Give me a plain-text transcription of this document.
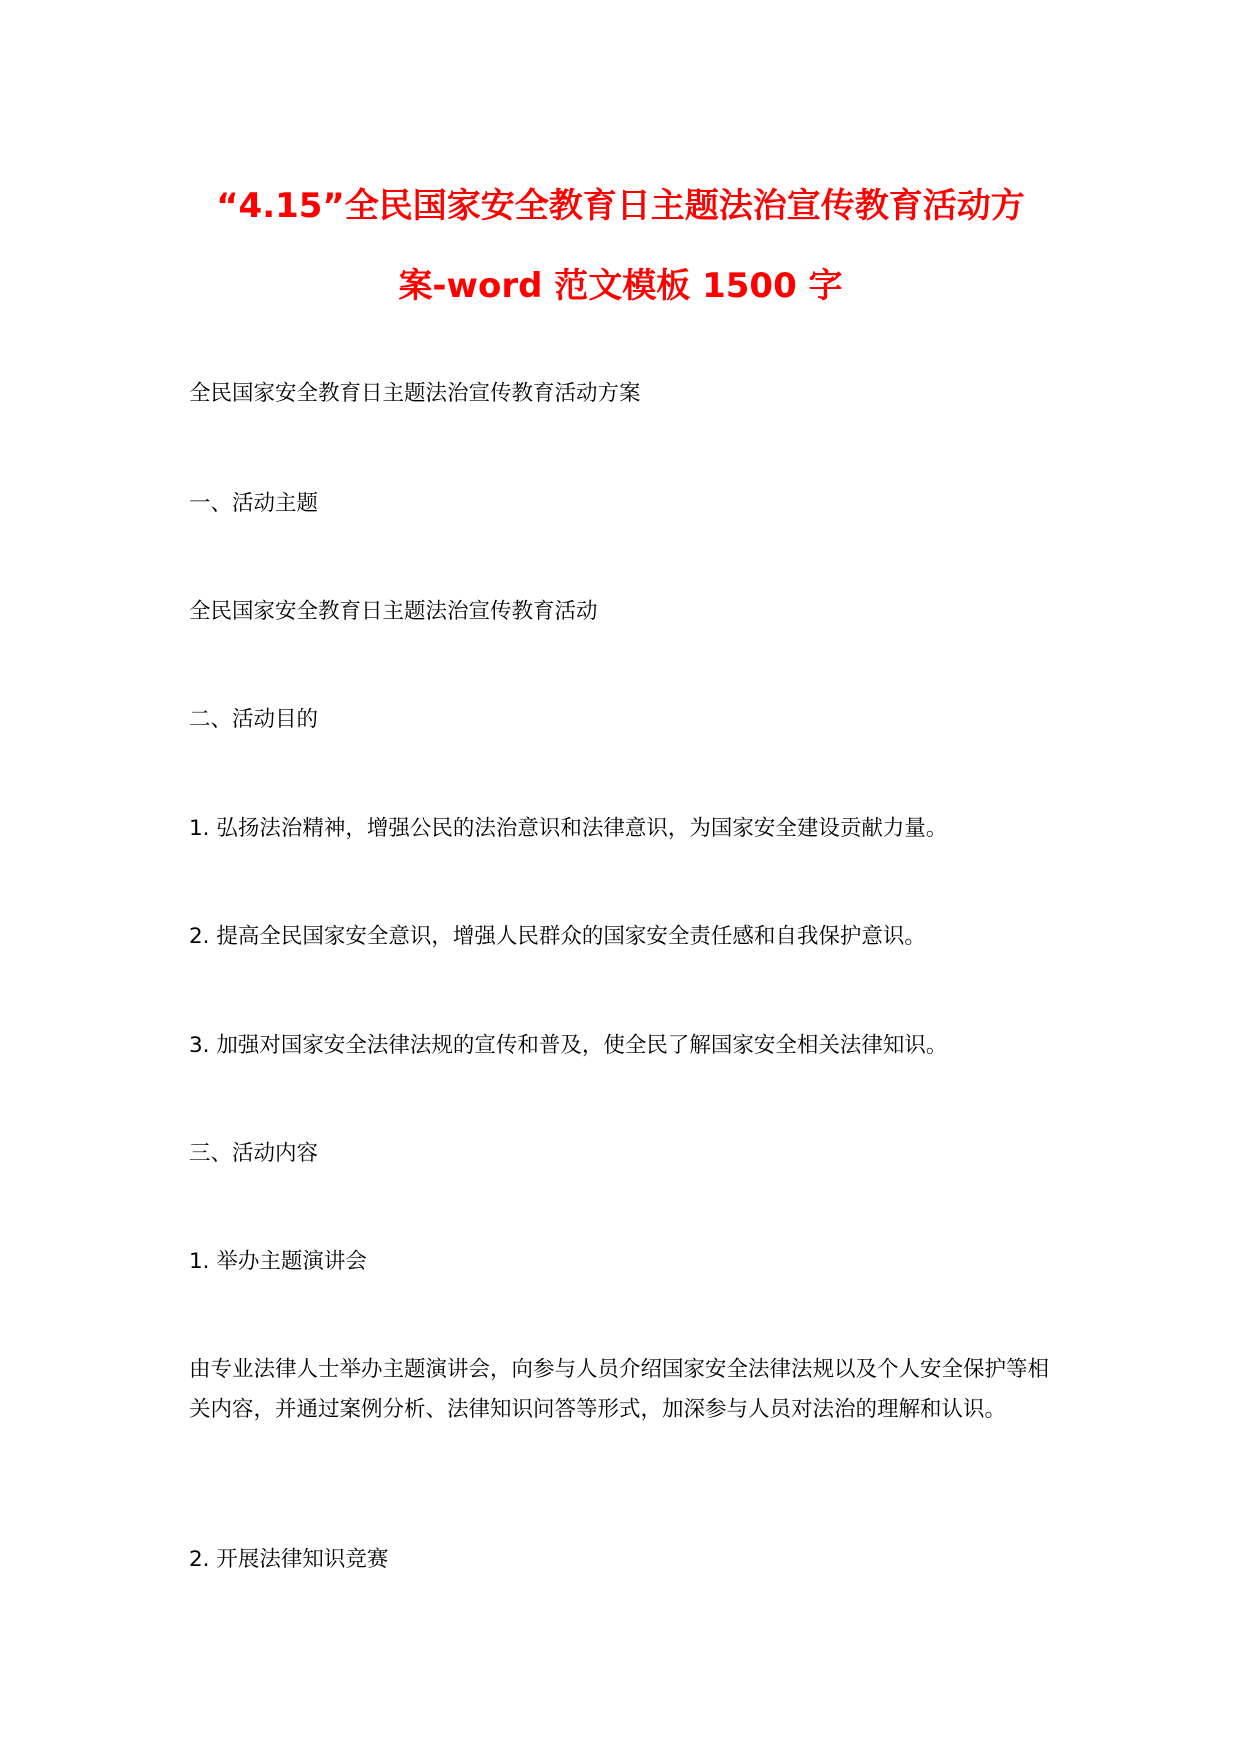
“4.15”全民国家安全教育日主题法治宣传教育活动方
案-word 范文模板 1500 字
全民国家安全教育日主题法治宣传教育活动方案
一、活动主题
全民国家安全教育日主题法治宣传教育活动
二、活动目的
1. 弘扬法治精神，增强公民的法治意识和法律意识，为国家安全建设贡献力量。
2. 提高全民国家安全意识，增强人民群众的国家安全责任感和自我保护意识。
3. 加强对国家安全法律法规的宣传和普及，使全民了解国家安全相关法律知识。
三、活动内容
1. 举办主题演讲会
由专业法律人士举办主题演讲会，向参与人员介绍国家安全法律法规以及个人安全保护等相关内容，并通过案例分析、法律知识问答等形式，加深参与人员对法治的理解和认识。
2. 开展法律知识竞赛
